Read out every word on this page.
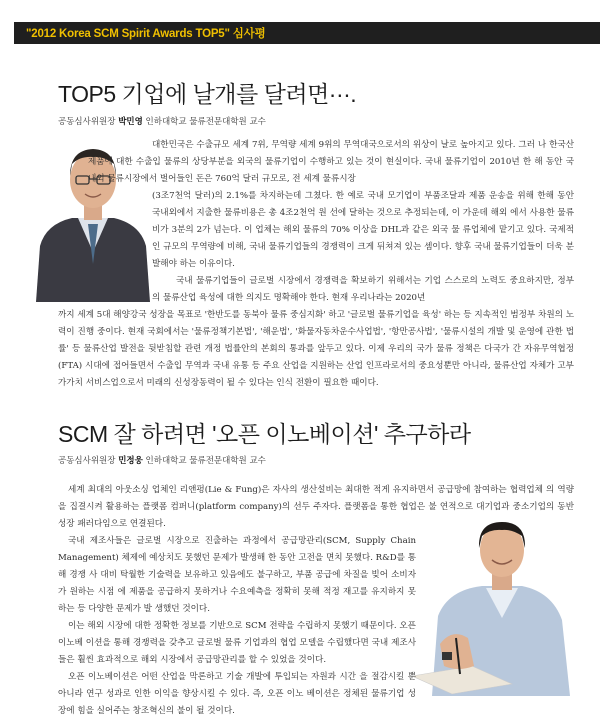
"2012 Korea SCM Spirit Awards TOP5" 심사평
TOP5 기업에 날개를 달려면···.
공동심사위원장 박민영 인하대학교 물류전문대학원 교수

대한민국은 수출규모 세계 7위, 무역량 세계 9위의 무역대국으로서의 위상이 날로 높아지고 있다. 그러 나 한국산 제품에 대한 수출입 물류의 상당부분을 외국의 물류기업이 수행하고 있는 것이 현실이다. 국내 물류기업이 2010년 한 해 동안 국내외 물류시장에서 벌어들인 돈은 760억 달러 규모로, 전 세계 물류시장

(3조7천억 달러)의 2.1%를 차지하는데 그쳤다. 한 예로 국내 모기업이 부품조달과 제품 운송을 위해 한해 동안 국내외에서 지출한 물류비용은 총 4조2천억 원 선에 달하는 것으로 추정되는데, 이 가운데 해외 에서 사용한 물류비가 3분의 2가 넘는다. 이 업체는 해외 물류의 70% 이상을 DHL과 같은 외국 물 류업체에 맡기고 있다. 국제적인 규모의 무역량에 비해, 국내 물류기업들의 경쟁력이 크게 뒤쳐져 있는 셈이다. 향후 국내 물류기업들이 더욱 분발해야 하는 이유이다.

국내 물류기업들이 글로벌 시장에서 경쟁력을 확보하기 위해서는 기업 스스로의 노력도 중요하지만, 정부의 물류산업 육성에 대한 의지도 명확해야 한다. 현재 우리나라는 2020년

까지 세계 5대 해양강국 성장을 목표로 '한반도를 동북아 물류 중심지화' 하고 '글로벌 물류기업을 육성' 하는 등 지속적인 범정부 차원의 노력이 진행 중이다. 현재 국회에서는 '물류정책기본법', '해운법', '화물자동차운수사업법', '항만공사법', '물류시설의 개발 및 운영에 관한 법률' 등 물류산업 발전을 뒷받침할 관련 개정 법률안의 본회의 통과를 앞두고 있다. 이제 우리의 국가 물류 정책은 다국가 간 자유무역협정(FTA) 시대에 접어들면서 수출입 무역과 국내 유통 등 주요 산업을 지원하는 산업 인프라로서의 중요성뿐만 아니라, 물류산업 자체가 고부가가치 서비스업으로서 미래의 신성장동력이 될 수 있다는 인식 전환이 필요한 때이다.

SCM 잘 하려면 '오픈 이노베이션' 추구하라
공동심사위원장 민정웅 인하대학교 물류전문대학원 교수

세계 최대의 아웃소싱 업체인 리앤펑(Lie & Fung)은 자사의 생산설비는 최대한 적게 유지하면서 공급망에 참여하는 협력업체 의 역량을 집결시켜 활용하는 플랫폼 컴퍼니(platform company)의 선두 주자다. 플랫폼을 통한 협업은 불 연적으로 대기업과 중소기업의 동반성장 패러다임으로 연결된다.

국내 제조사들은 글로벌 시장으로 진출하는 과정에서 공급망관리(SCM, Supply Chain Management) 체제에 예상치도 못했던 문제가 발생해 한 동안 고전을 면치 못했다. R&D를 통해 경쟁 사 대비 탁월한 기술력을 보유하고 있음에도 불구하고, 부품 공급에 차질을 빚어 소비자가 원하는 시점 에 제품을 공급하지 못하거나 수요예측을 정확히 못해 적정 재고를 유지하지 못하는 등 다양한 문제가 발 생했던 것이다.

이는 해외 시장에 대한 정확한 정보를 기반으로 SCM 전략을 수립하지 못했기 때문이다. 오픈 이노베 이션을 통해 경쟁력을 갖추고 글로벌 물류 기업과의 협업 모델을 수립했다면 국내 제조사 들은 훨씬 효과적으로 해외 시장에서 공급망관리를 할 수 있었을 것이다.

오픈 이노베이션은 어떤 산업을 막론하고 기술 개발에 투입되는 자원과 시간 을 절감시킬 뿐 아니라 연구 성과로 인한 이익을 향상시킬 수 있다. 즉, 오픈 이노 베이션은 정체된 물류기업 성장에 힘을 실어주는 창조혁신의 불이 될 것이다.
